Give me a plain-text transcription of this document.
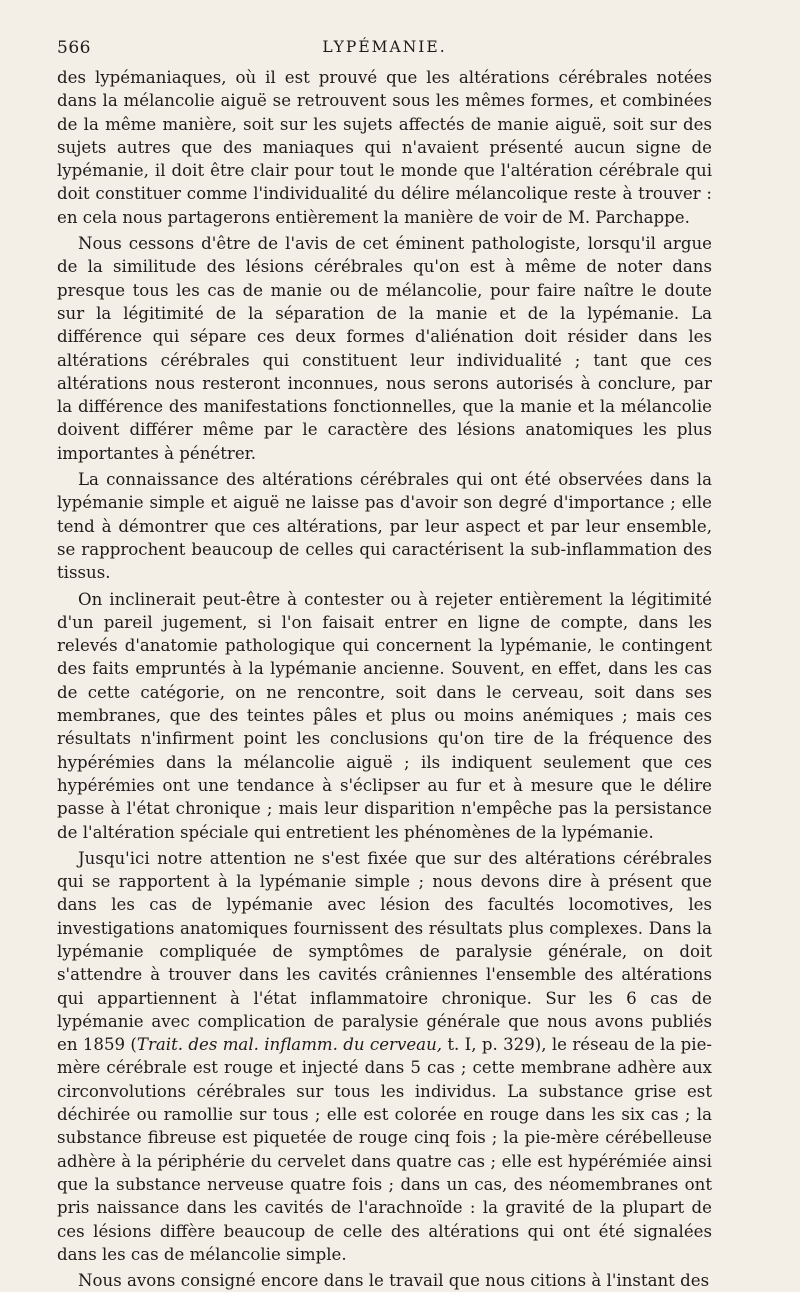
566	LYPÉMANIE.

des lypémaniaques, où il est prouvé que les altérations cérébrales notées dans la mélancolie aiguë se retrouvent sous les mêmes formes, et combinées de la même manière, soit sur les sujets affectés de manie aiguë, soit sur des sujets autres que des maniaques qui n'avaient présenté aucun signe de lypémanie, il doit être clair pour tout le monde que l'altération cérébrale qui doit constituer comme l'individualité du délire mélancolique reste à trouver : en cela nous partagerons entièrement la manière de voir de M. Parchappe.

Nous cessons d'être de l'avis de cet éminent pathologiste, lorsqu'il argue de la similitude des lésions cérébrales qu'on est à même de noter dans presque tous les cas de manie ou de mélancolie, pour faire naître le doute sur la légitimité de la séparation de la manie et de la lypémanie. La différence qui sépare ces deux formes d'aliénation doit résider dans les altérations cérébrales qui constituent leur individualité ; tant que ces altérations nous resteront inconnues, nous serons autorisés à conclure, par la différence des manifestations fonctionnelles, que la manie et la mélancolie doivent différer même par le caractère des lésions anatomiques les plus importantes à pénétrer.

La connaissance des altérations cérébrales qui ont été observées dans la lypémanie simple et aiguë ne laisse pas d'avoir son degré d'importance ; elle tend à démontrer que ces altérations, par leur aspect et par leur ensemble, se rapprochent beaucoup de celles qui caractérisent la sub-inflammation des tissus.

On inclinerait peut-être à contester ou à rejeter entièrement la légitimité d'un pareil jugement, si l'on faisait entrer en ligne de compte, dans les relevés d'anatomie pathologique qui concernent la lypémanie, le contingent des faits empruntés à la lypémanie ancienne. Souvent, en effet, dans les cas de cette catégorie, on ne rencontre, soit dans le cerveau, soit dans ses membranes, que des teintes pâles et plus ou moins anémiques ; mais ces résultats n'infirment point les conclusions qu'on tire de la fréquence des hypérémies dans la mélancolie aiguë ; ils indiquent seulement que ces hypérémies ont une tendance à s'éclipser au fur et à mesure que le délire passe à l'état chronique ; mais leur disparition n'empêche pas la persistance de l'altération spéciale qui entretient les phénomènes de la lypémanie.

Jusqu'ici notre attention ne s'est fixée que sur des altérations cérébrales qui se rapportent à la lypémanie simple ; nous devons dire à présent que dans les cas de lypémanie avec lésion des facultés locomotives, les investigations anatomiques fournissent des résultats plus complexes. Dans la lypémanie compliquée de symptômes de paralysie générale, on doit s'attendre à trouver dans les cavités crâniennes l'ensemble des altérations qui appartiennent à l'état inflammatoire chronique. Sur les 6 cas de lypémanie avec complication de paralysie générale que nous avons publiés en 1859 (Trait. des mal. inflamm. du cerveau, t. I, p. 329), le réseau de la pie-mère cérébrale est rouge et injecté dans 5 cas ; cette membrane adhère aux circonvolutions cérébrales sur tous les individus. La substance grise est déchirée ou ramollie sur tous ; elle est colorée en rouge dans les six cas ; la substance fibreuse est piquetée de rouge cinq fois ; la pie-mère cérébelleuse adhère à la périphérie du cervelet dans quatre cas ; elle est hypérémiée ainsi que la substance nerveuse quatre fois ; dans un cas, des néomembranes ont pris naissance dans les cavités de l'arachnoïde : la gravité de la plupart de ces lésions diffère beaucoup de celle des altérations qui ont été signalées dans les cas de mélancolie simple.

Nous avons consigné encore dans le travail que nous citions à l'instant des
